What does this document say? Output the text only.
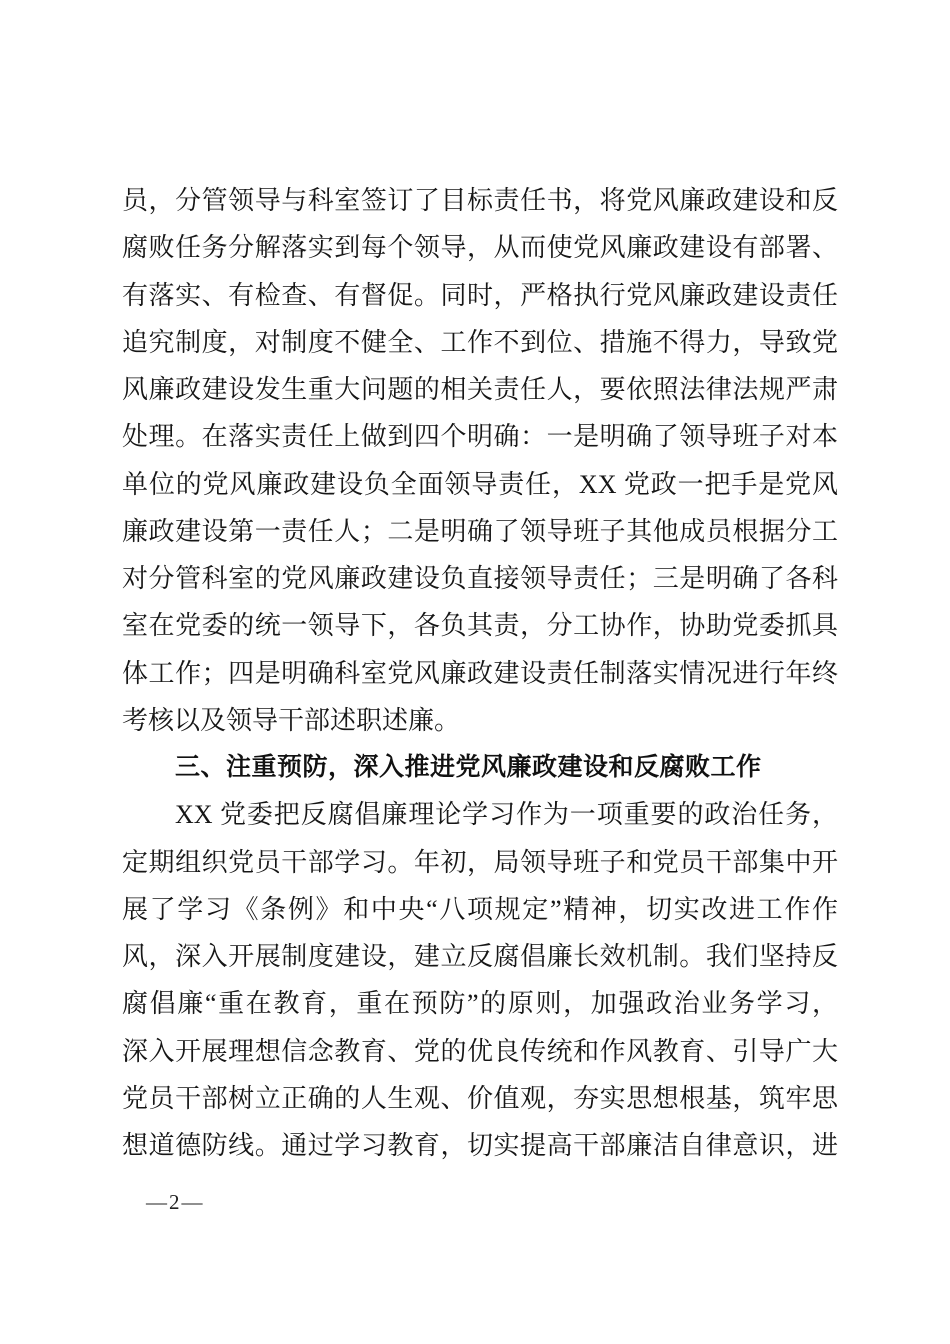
员，分管领导与科室签订了目标责任书，将党风廉政建设和反
腐败任务分解落实到每个领导，从而使党风廉政建设有部署、
有落实、有检查、有督促。同时，严格执行党风廉政建设责任
追究制度，对制度不健全、工作不到位、措施不得力，导致党
风廉政建设发生重大问题的相关责任人，要依照法律法规严肃
处理。在落实责任上做到四个明确：一是明确了领导班子对本
单位的党风廉政建设负全面领导责任，XX 党政一把手是党风
廉政建设第一责任人；二是明确了领导班子其他成员根据分工
对分管科室的党风廉政建设负直接领导责任；三是明确了各科
室在党委的统一领导下，各负其责，分工协作，协助党委抓具
体工作；四是明确科室党风廉政建设责任制落实情况进行年终
考核以及领导干部述职述廉。
三、注重预防，深入推进党风廉政建设和反腐败工作
XX 党委把反腐倡廉理论学习作为一项重要的政治任务，
定期组织党员干部学习。年初，局领导班子和党员干部集中开
展了学习《条例》和中央“八项规定”精神，切实改进工作作
风，深入开展制度建设，建立反腐倡廉长效机制。我们坚持反
腐倡廉“重在教育，重在预防”的原则，加强政治业务学习，
深入开展理想信念教育、党的优良传统和作风教育、引导广大
党员干部树立正确的人生观、价值观，夯实思想根基，筑牢思
想道德防线。通过学习教育，切实提高干部廉洁自律意识，进
—2—
